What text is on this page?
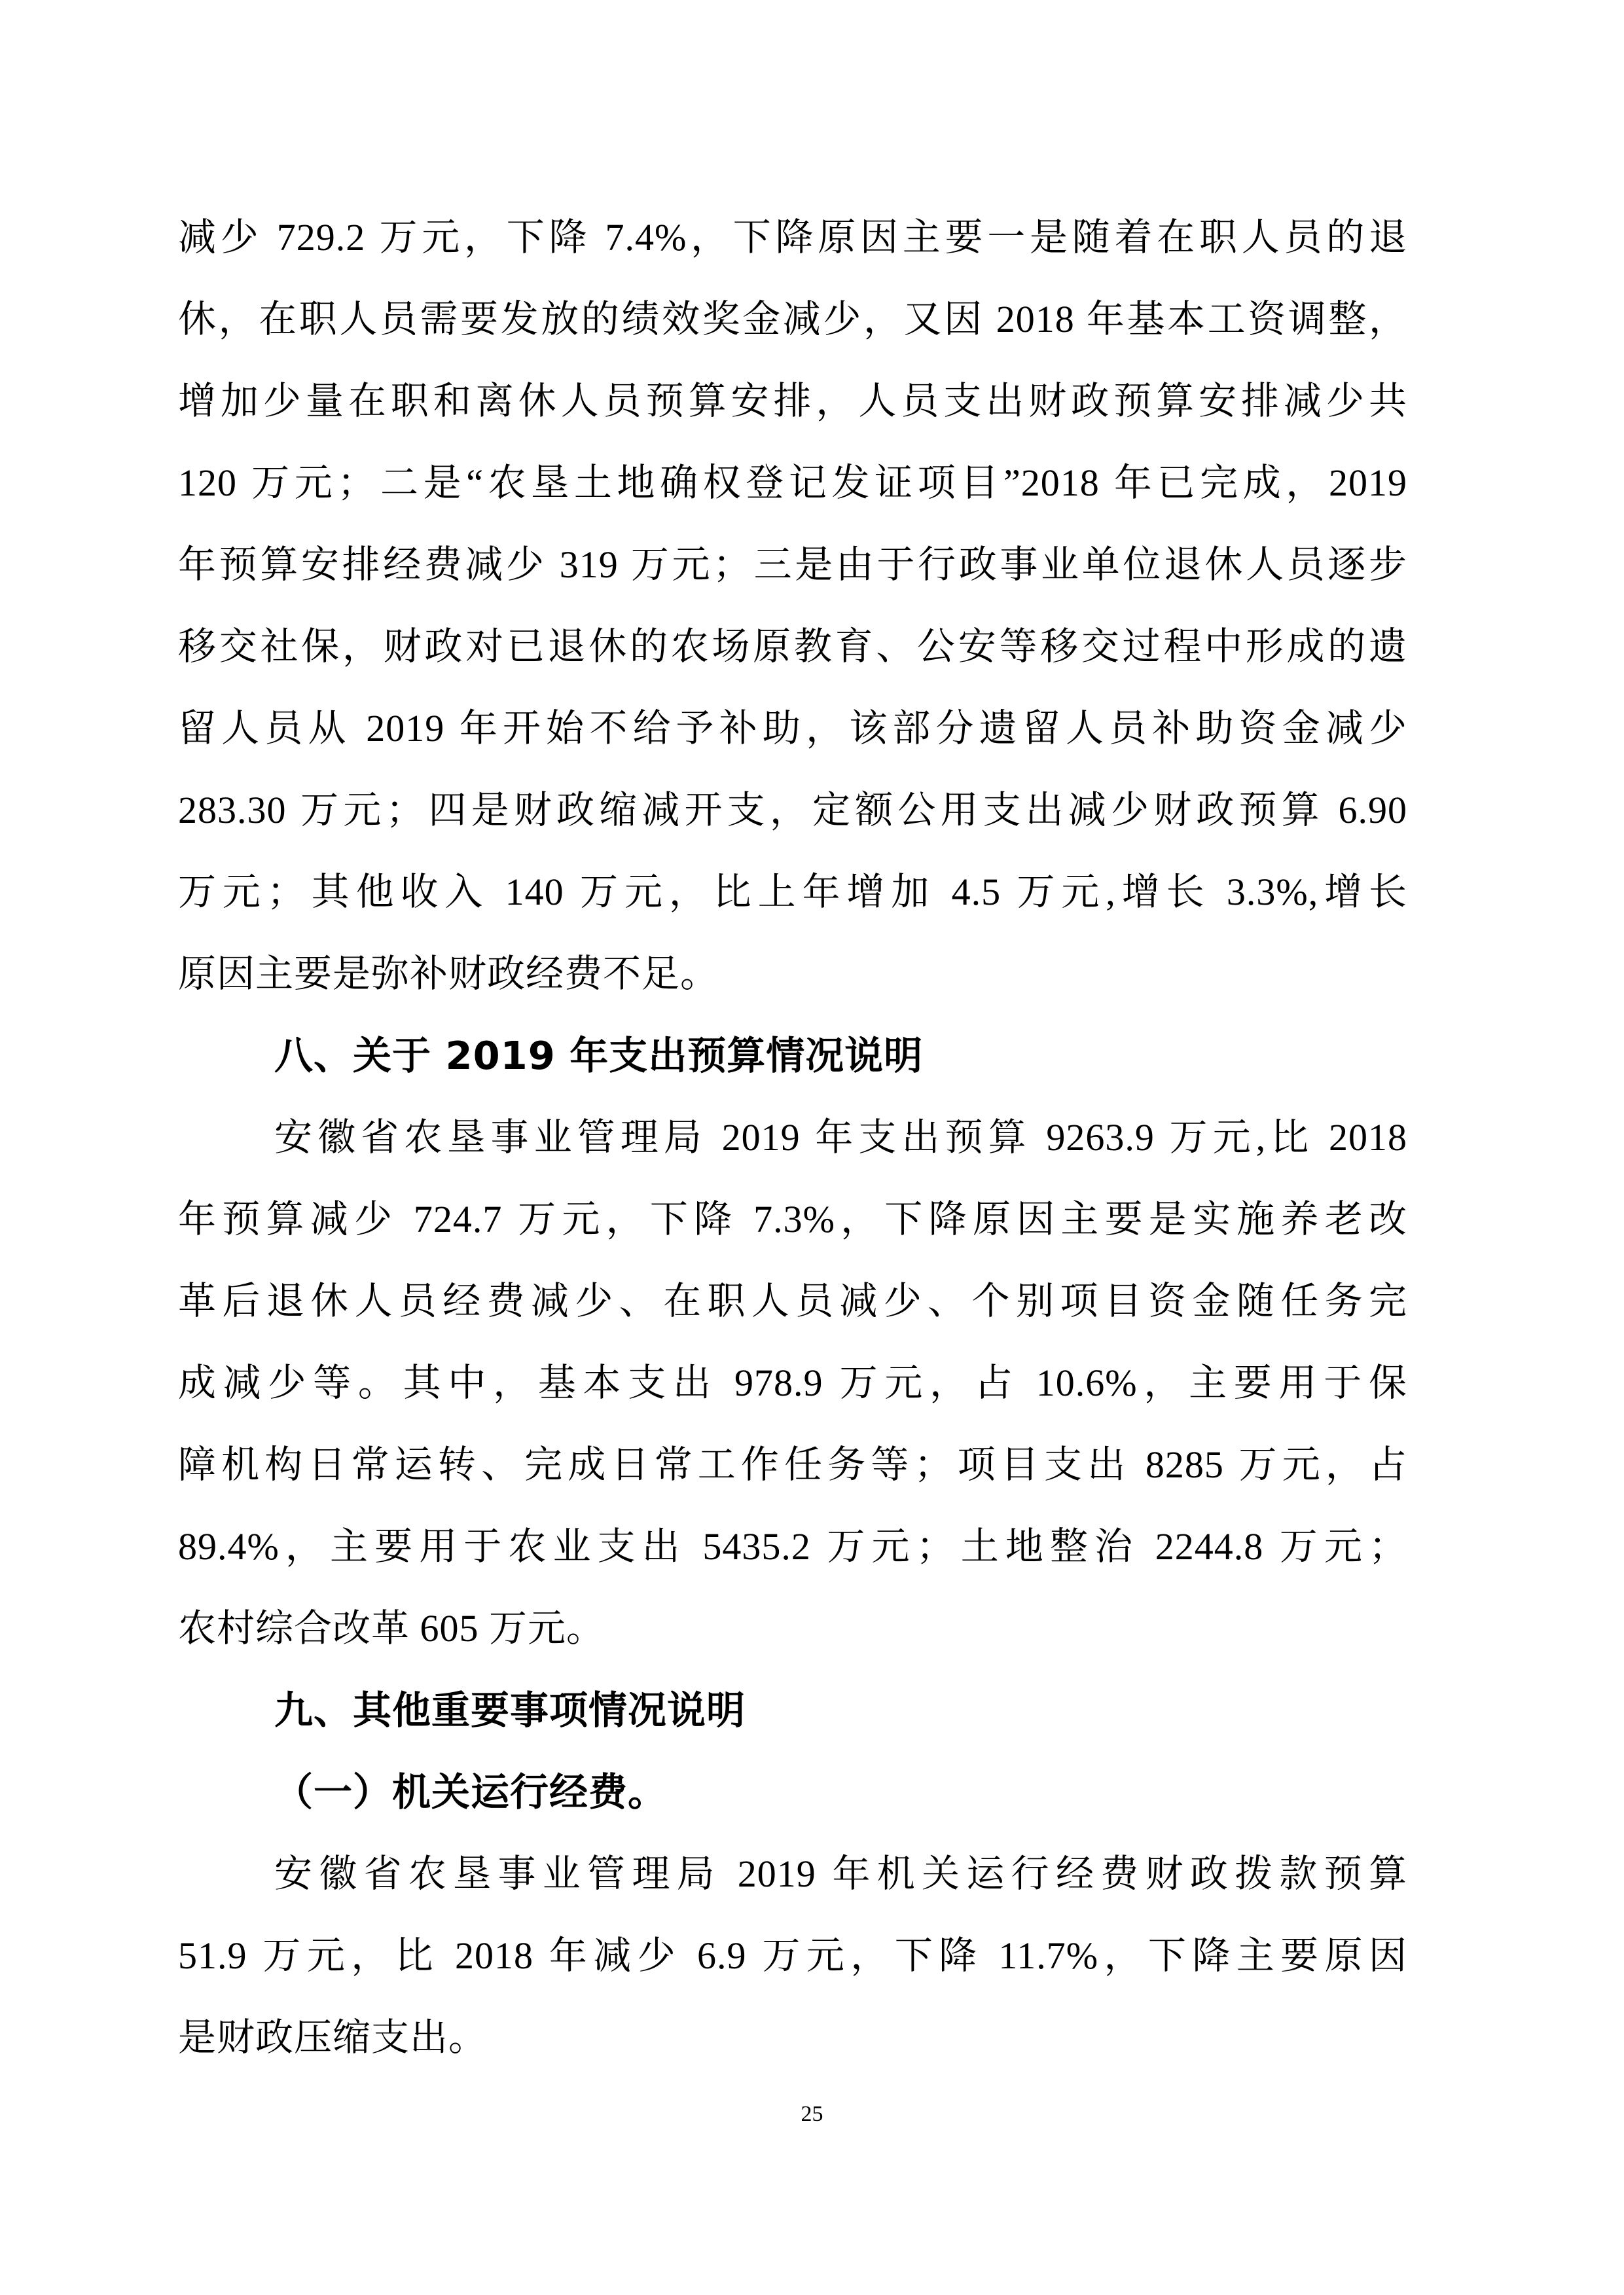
减少 729.2 万元，下降 7.4%，下降原因主要一是随着在职人员的退
休，在职人员需要发放的绩效奖金减少，又因 2018 年基本工资调整，
增加少量在职和离休人员预算安排，人员支出财政预算安排减少共
120 万元；二是“农垦土地确权登记发证项目”2018 年已完成，2019
年预算安排经费减少 319 万元；三是由于行政事业单位退休人员逐步
移交社保，财政对已退休的农场原教育、公安等移交过程中形成的遗
留人员从 2019 年开始不给予补助，该部分遗留人员补助资金减少
283.30 万元；四是财政缩减开支，定额公用支出减少财政预算 6.90
万元；其他收入 140 万元，比上年增加 4.5 万元,增长 3.3%,增长
原因主要是弥补财政经费不足。
八、关于 2019 年支出预算情况说明
安徽省农垦事业管理局 2019 年支出预算 9263.9 万元,比 2018
年预算减少 724.7 万元，下降 7.3%，下降原因主要是实施养老改
革后退休人员经费减少、在职人员减少、个别项目资金随任务完
成减少等。其中，基本支出 978.9 万元，占 10.6%，主要用于保
障机构日常运转、完成日常工作任务等；项目支出 8285 万元，占
89.4%，主要用于农业支出 5435.2 万元；土地整治 2244.8 万元；
农村综合改革 605 万元。
九、其他重要事项情况说明
（一）机关运行经费。
安徽省农垦事业管理局 2019 年机关运行经费财政拨款预算
51.9 万元，比 2018 年减少 6.9 万元，下降 11.7%，下降主要原因
是财政压缩支出。
25
